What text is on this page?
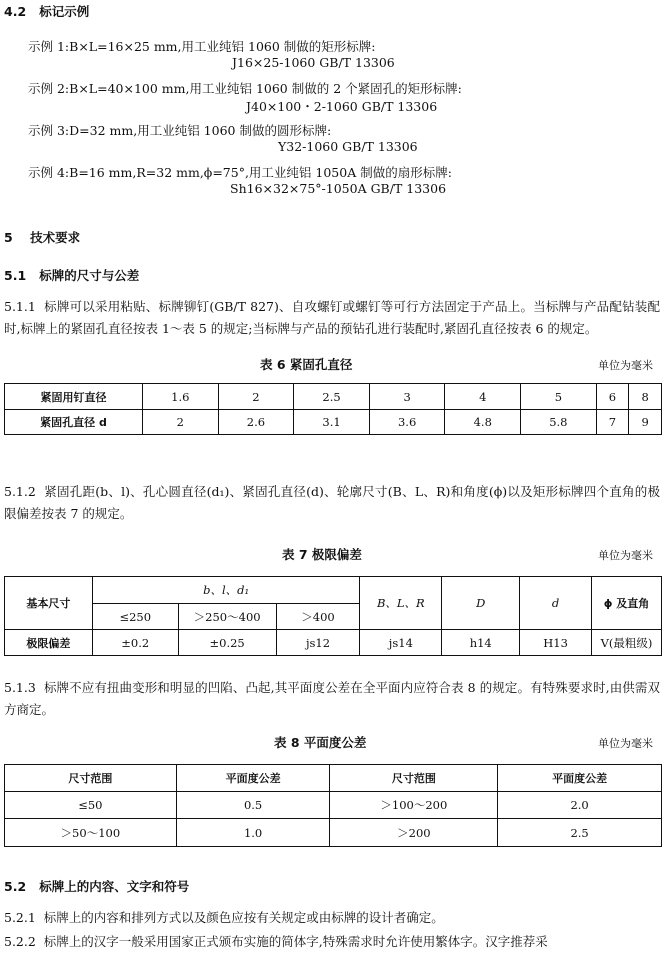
4.2 标记示例
示例 1:B×L=16×25 mm,用工业纯铝 1060 制做的矩形标牌:
J16×25-1060 GB/T 13306
示例 2:B×L=40×100 mm,用工业纯铝 1060 制做的 2 个紧固孔的矩形标牌:
J40×100・2-1060 GB/T 13306
示例 3:D=32 mm,用工业纯铝 1060 制做的圆形标牌:
Y32-1060 GB/T 13306
示例 4:B=16 mm,R=32 mm,ϕ=75°,用工业纯铝 1050A 制做的扇形标牌:
Sh16×32×75°-1050A GB/T 13306
5 技术要求
5.1 标牌的尺寸与公差
5.1.1 标牌可以采用粘贴、标牌铆钉(GB/T 827)、自攻螺钉或螺钉等可行方法固定于产品上。当标牌与产品配钻装配时,标牌上的紧固孔直径按表 1～表 5 的规定;当标牌与产品的预钻孔进行装配时,紧固孔直径按表 6 的规定。
表 6 紧固孔直径	单位为毫米
紧固用钉直径	1.6	2	2.5	3	4	5	6	8
紧固孔直径 d	2	2.6	3.1	3.6	4.8	5.8	7	9
5.1.2 紧固孔距(b、l)、孔心圆直径(d₁)、紧固孔直径(d)、轮廓尺寸(B、L、R)和角度(ϕ)以及矩形标牌四个直角的极限偏差按表 7 的规定。
表 7 极限偏差	单位为毫米
基本尺寸	b、l、d₁			B、L、R	D	d	ϕ 及直角
	≤250	＞250～400	＞400				
极限偏差	±0.2	±0.25	js12	js14	h14	H13	V(最粗级)
5.1.3 标牌不应有扭曲变形和明显的凹陷、凸起,其平面度公差在全平面内应符合表 8 的规定。有特殊要求时,由供需双方商定。
表 8 平面度公差	单位为毫米
尺寸范围	平面度公差	尺寸范围	平面度公差
≤50	0.5	＞100～200	2.0
＞50～100	1.0	＞200	2.5
5.2 标牌上的内容、文字和符号
5.2.1 标牌上的内容和排列方式以及颜色应按有关规定或由标牌的设计者确定。
5.2.2 标牌上的汉字一般采用国家正式颁布实施的简体字,特殊需求时允许使用繁体字。汉字推荐采
